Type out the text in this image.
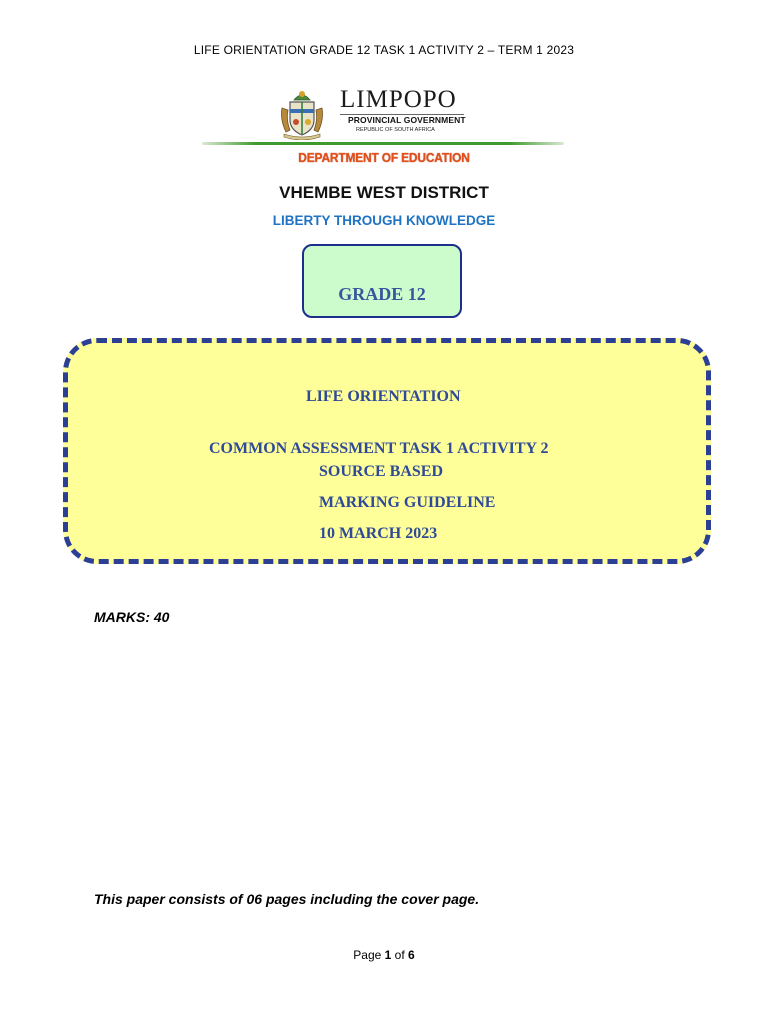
LIFE ORIENTATION GRADE 12 TASK 1 ACTIVITY 2 – TERM 1 2023
LIMPOPO
PROVINCIAL GOVERNMENT
REPUBLIC OF SOUTH AFRICA
DEPARTMENT OF EDUCATION
VHEMBE WEST DISTRICT
LIBERTY THROUGH KNOWLEDGE
GRADE 12
LIFE ORIENTATION
COMMON ASSESSMENT TASK 1 ACTIVITY 2
SOURCE BASED
MARKING GUIDELINE
10 MARCH 2023
MARKS: 40
This paper consists of 06 pages including the cover page.
Page 1 of 6
